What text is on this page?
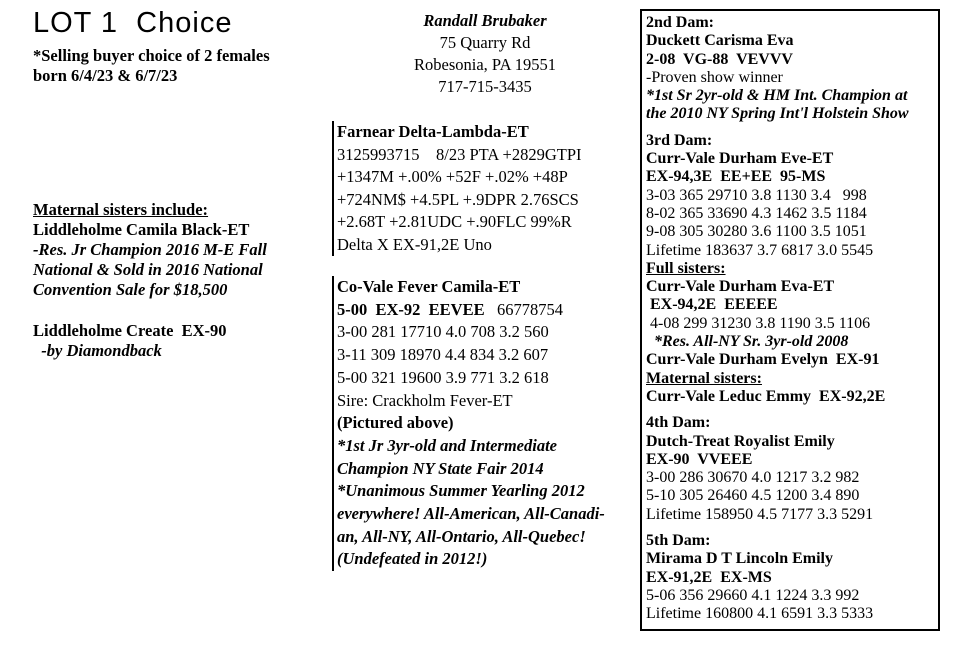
LOT 1  Choice
*Selling buyer choice of 2 females
born 6/4/23 & 6/7/23
Randall Brubaker
75 Quarry Rd
Robesonia, PA 19551
717-715-3435
Maternal sisters include:
Liddleholme Camila Black-ET
-Res. Jr Champion 2016 M-E Fall
National & Sold in 2016 National
Convention Sale for $18,500
Liddleholme Create  EX-90
-by Diamondback
Farnear Delta-Lambda-ET
3125993715    8/23 PTA +2829GTPI
+1347M +.00% +52F +.02% +48P
+724NM$ +4.5PL +.9DPR 2.76SCS
+2.68T +2.81UDC +.90FLC 99%R
Delta X EX-91,2E Uno
Co-Vale Fever Camila-ET
5-00  EX-92  EEVEE   66778754
3-00 281 17710 4.0 708 3.2 560
3-11 309 18970 4.4 834 3.2 607
5-00 321 19600 3.9 771 3.2 618
Sire: Crackholm Fever-ET
(Pictured above)
*1st Jr 3yr-old and Intermediate
Champion NY State Fair 2014
*Unanimous Summer Yearling 2012
everywhere! All-American, All-Canadi-
an, All-NY, All-Ontario, All-Quebec!
(Undefeated in 2012!)
2nd Dam:
Duckett Carisma Eva
2-08  VG-88  VEVVV
-Proven show winner
*1st Sr 2yr-old & HM Int. Champion at
the 2010 NY Spring Int'l Holstein Show
3rd Dam:
Curr-Vale Durham Eve-ET
EX-94,3E  EE+EE  95-MS
3-03 365 29710 3.8 1130 3.4   998
8-02 365 33690 4.3 1462 3.5 1184
9-08 305 30280 3.6 1100 3.5 1051
Lifetime 183637 3.7 6817 3.0 5545
Full sisters:
Curr-Vale Durham Eva-ET
EX-94,2E  EEEEE
4-08 299 31230 3.8 1190 3.5 1106
*Res. All-NY Sr. 3yr-old 2008
Curr-Vale Durham Evelyn  EX-91
Maternal sisters:
Curr-Vale Leduc Emmy  EX-92,2E
4th Dam:
Dutch-Treat Royalist Emily
EX-90  VVEEE
3-00 286 30670 4.0 1217 3.2 982
5-10 305 26460 4.5 1200 3.4 890
Lifetime 158950 4.5 7177 3.3 5291
5th Dam:
Mirama D T Lincoln Emily
EX-91,2E  EX-MS
5-06 356 29660 4.1 1224 3.3 992
Lifetime 160800 4.1 6591 3.3 5333
